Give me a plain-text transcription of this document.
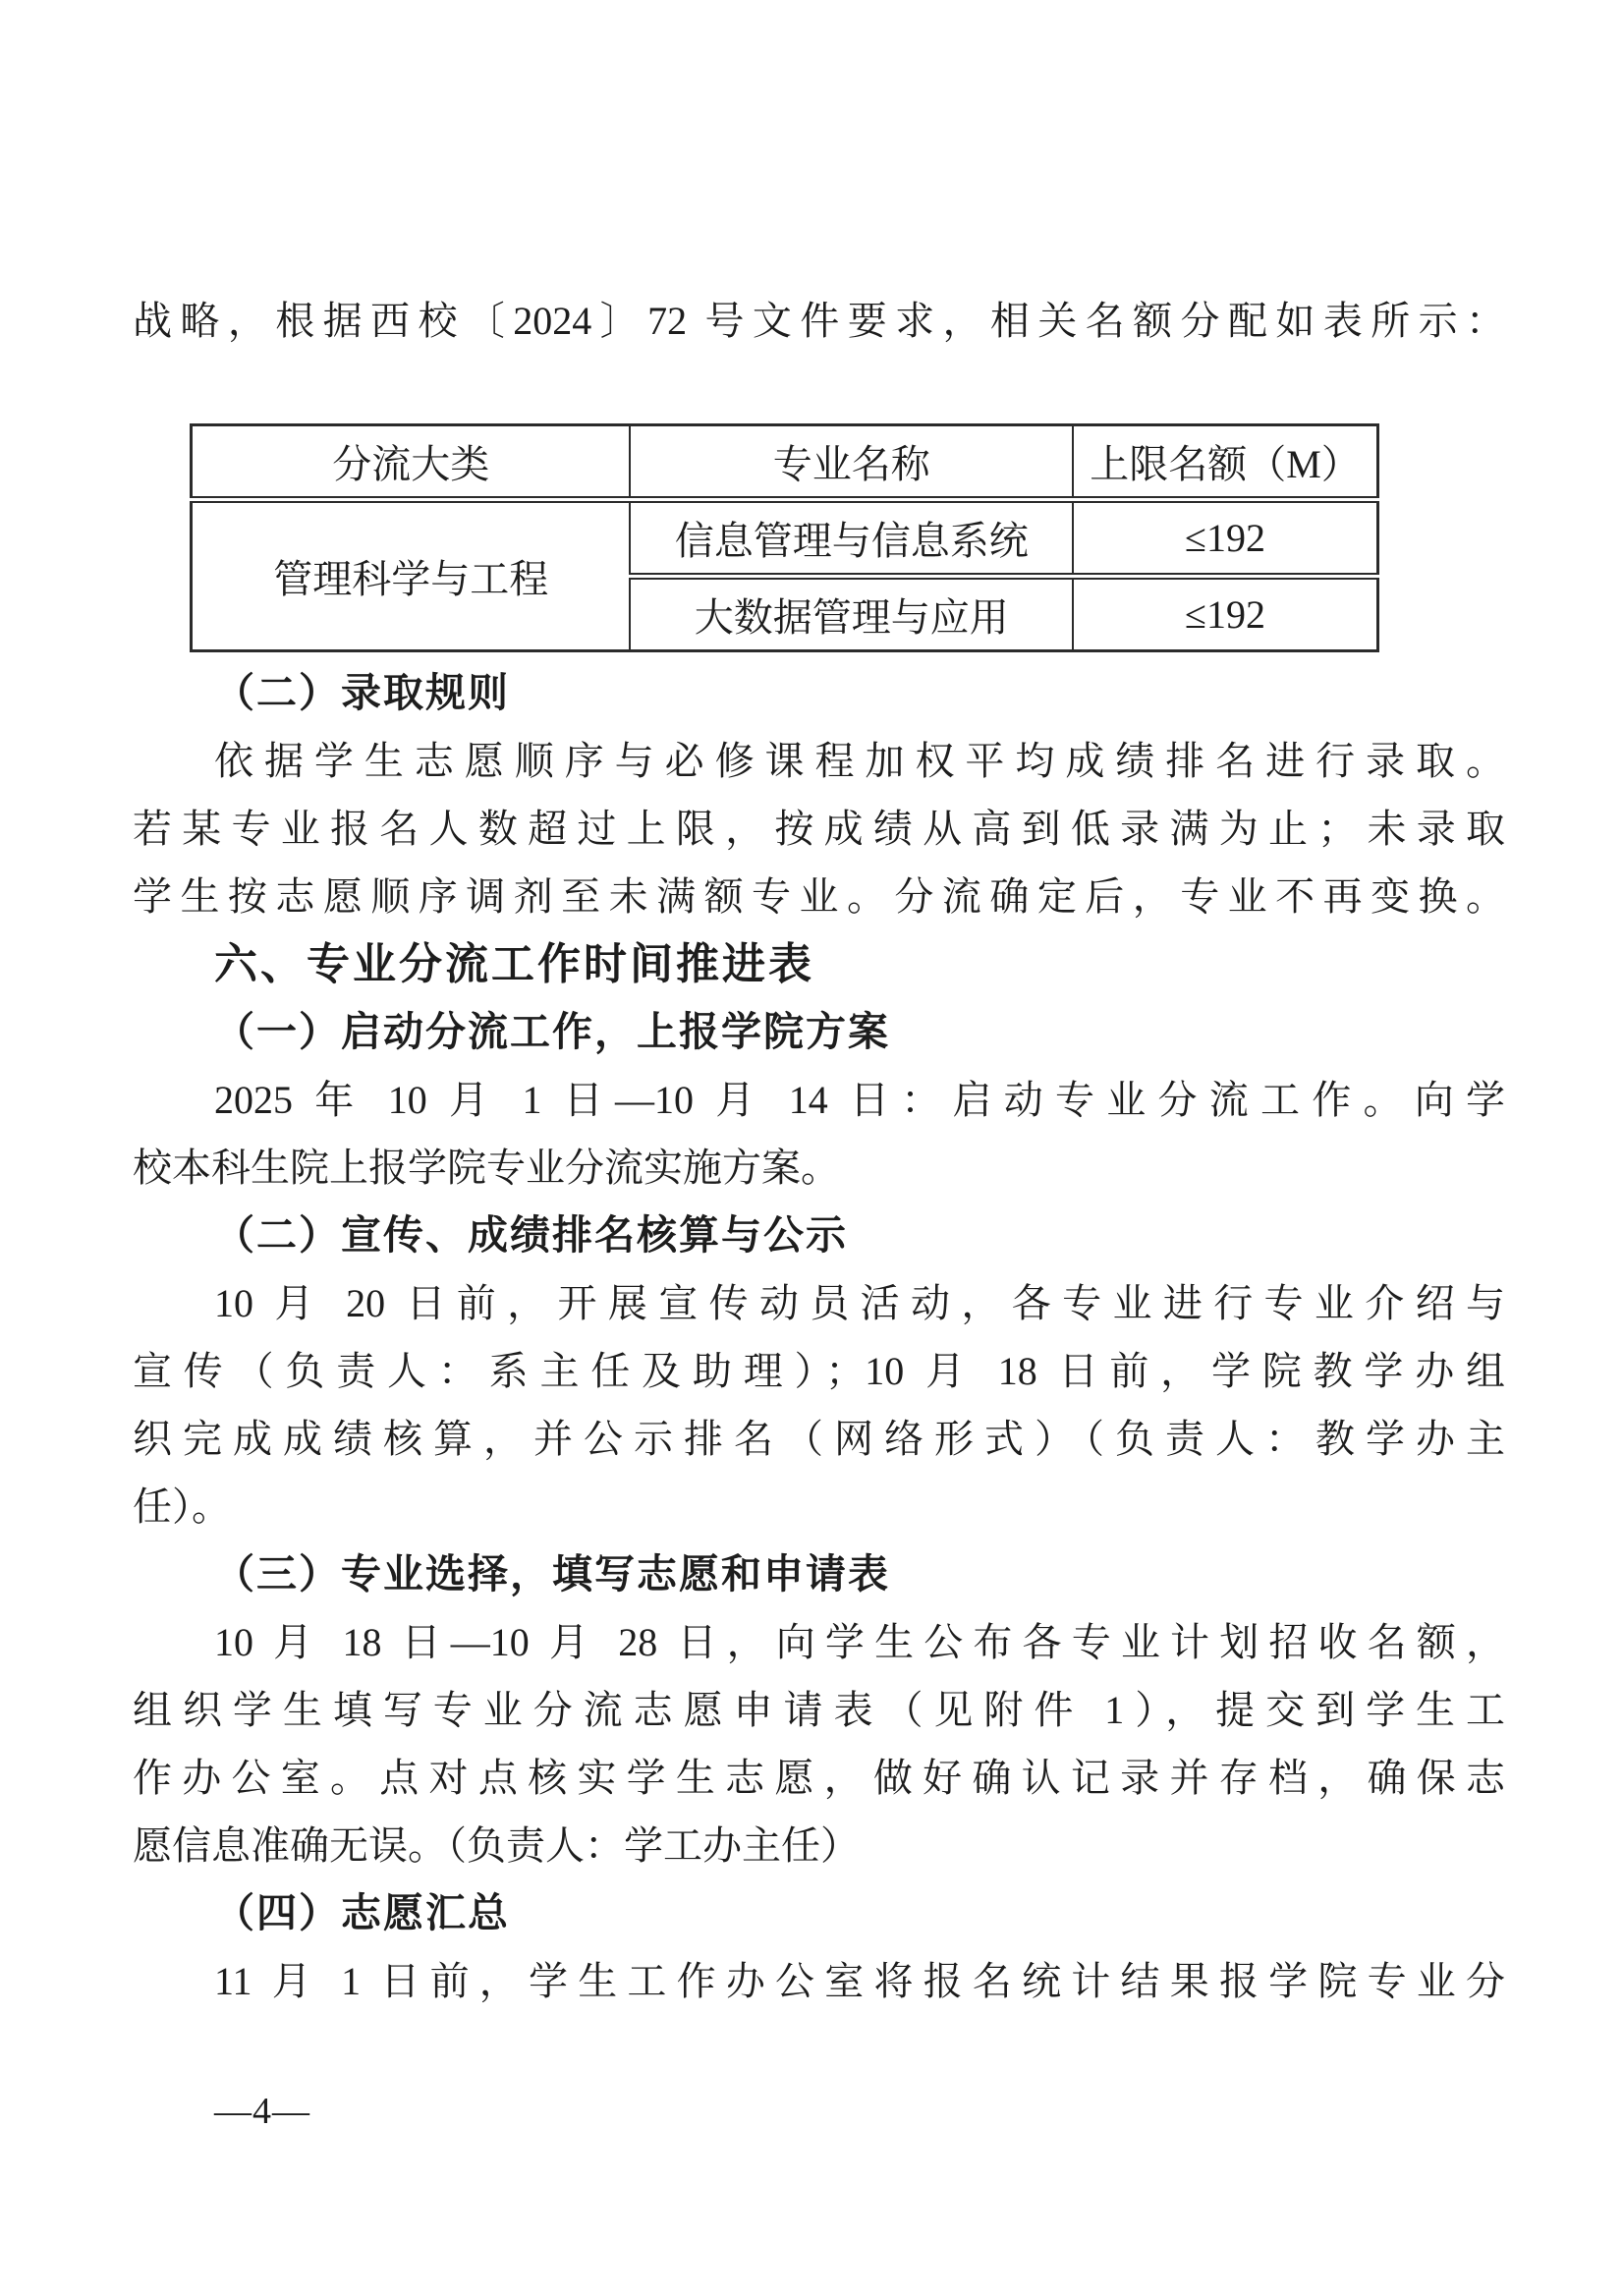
战略，根据西校〔2024〕72 号文件要求，相关名额分配如表所示：

分流大类	专业名称	上限名额（M）
管理科学与工程	信息管理与信息系统	≤192
	大数据管理与应用	≤192

（二）录取规则

依据学生志愿顺序与必修课程加权平均成绩排名进行录取。

若某专业报名人数超过上限，按成绩从高到低录满为止；未录取

学生按志愿顺序调剂至未满额专业。分流确定后，专业不再变换。

六、专业分流工作时间推进表

（一）启动分流工作，上报学院方案

2025 年 10 月 1 日—10 月 14 日：启动专业分流工作。向学

校本科生院上报学院专业分流实施方案。

（二）宣传、成绩排名核算与公示

10 月 20 日前，开展宣传动员活动，各专业进行专业介绍与

宣传（负责人：系主任及助理）；10 月 18 日前，学院教学办组

织完成成绩核算，并公示排名（网络形式）（负责人：教学办主

任）。

（三）专业选择，填写志愿和申请表

10 月 18 日—10 月 28 日，向学生公布各专业计划招收名额，

组织学生填写专业分流志愿申请表（见附件 1），提交到学生工

作办公室。点对点核实学生志愿，做好确认记录并存档，确保志

愿信息准确无误。（负责人：学工办主任）

（四）志愿汇总

11 月 1 日前，学生工作办公室将报名统计结果报学院专业分

—4—
